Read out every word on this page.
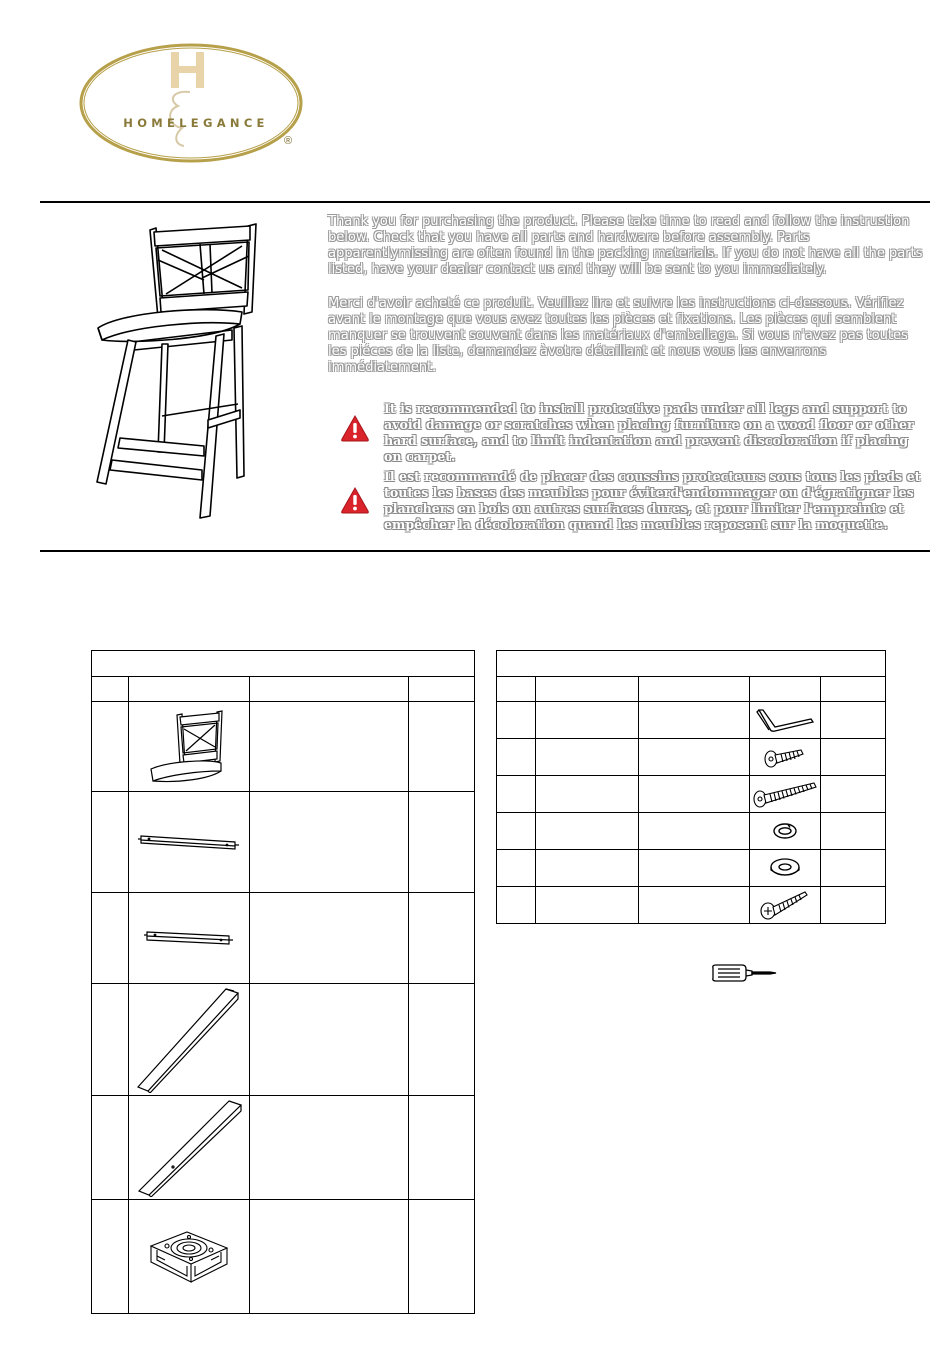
HOMELEGANCE
®
Thank you for purchasing the product. Please take time to read and follow the instrustion below. Check that you have all parts and hardware before assembly. Parts apparentlymissing are often found in the packing materials. If you do not have all the parts listed, have your dealer contact us and they will be sent to you immediately.
Merci d'avoir acheté ce produit. Veuillez lire et suivre les instructions ci-dessous. Vérifiez avant le montage que vous avez toutes les pièces et fixations. Les pièces qui semblent manquer se trouvent souvent dans les matériaux d'emballage. Si vous n'avez pas toutes les piéces de la liste, demandez àvotre détaillant et nous vous les enverrons immédiatement.
It is recommended to install protective pads under all legs and support to avoid damage or scratches when placing furniture on a wood floor or other hard surface, and to limit indentation and prevent discoloration if placing on carpet.
Il est recommandé de placer des coussins protecteurs sous tous les pieds et toutes les bases des meubles pour éviterd'endommager ou d'égratigner les planchers en bois ou autres surfaces dures, et pour limiter l'empreinte et empêcher la décoloration quand les meubles reposent sur la moquette.
